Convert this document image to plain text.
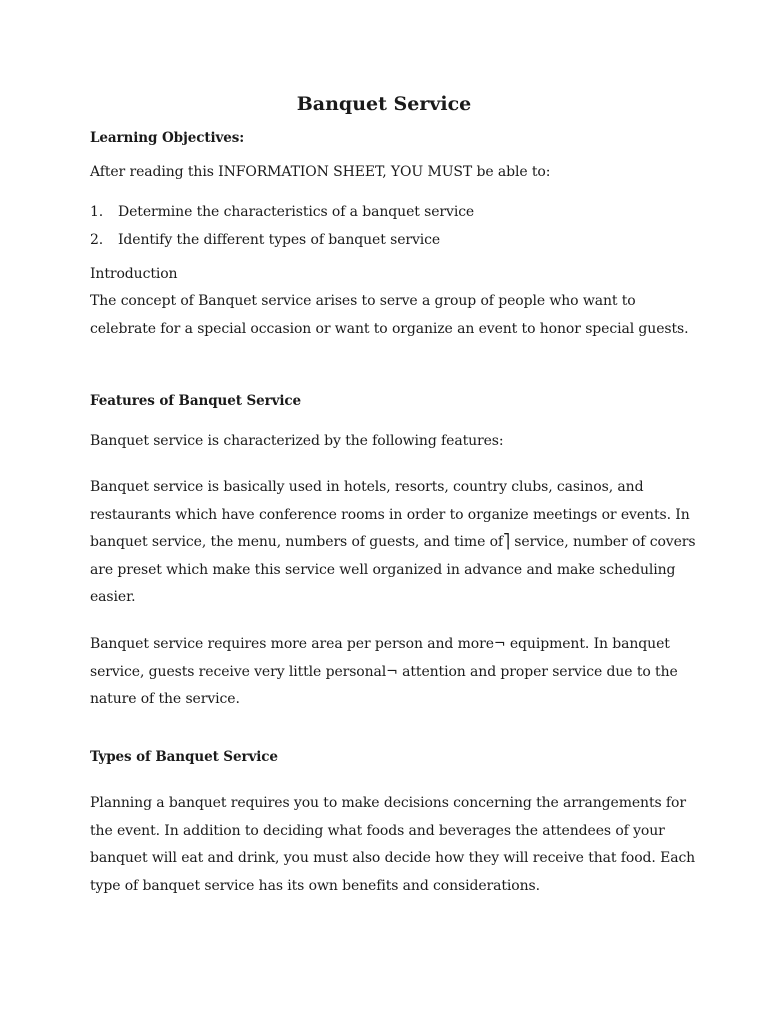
Banquet Service

Learning Objectives:

After reading this INFORMATION SHEET, YOU MUST be able to:

1. Determine the characteristics of a banquet service
2. Identify the different types of banquet service

Introduction

The concept of Banquet service arises to serve a group of people who want to celebrate for a special occasion or want to organize an event to honor special guests.

Features of Banquet Service

Banquet service is characterized by the following features:

Banquet service is basically used in hotels, resorts, country clubs, casinos, and restaurants which have conference rooms in order to organize meetings or events. In banquet service, the menu, numbers of guests, and time of⎤ service, number of covers are preset which make this service well organized in advance and make scheduling easier.

Banquet service requires more area per person and more¬ equipment. In banquet service, guests receive very little personal¬ attention and proper service due to the nature of the service.

Types of Banquet Service

Planning a banquet requires you to make decisions concerning the arrangements for the event. In addition to deciding what foods and beverages the attendees of your banquet will eat and drink, you must also decide how they will receive that food. Each type of banquet service has its own benefits and considerations.
